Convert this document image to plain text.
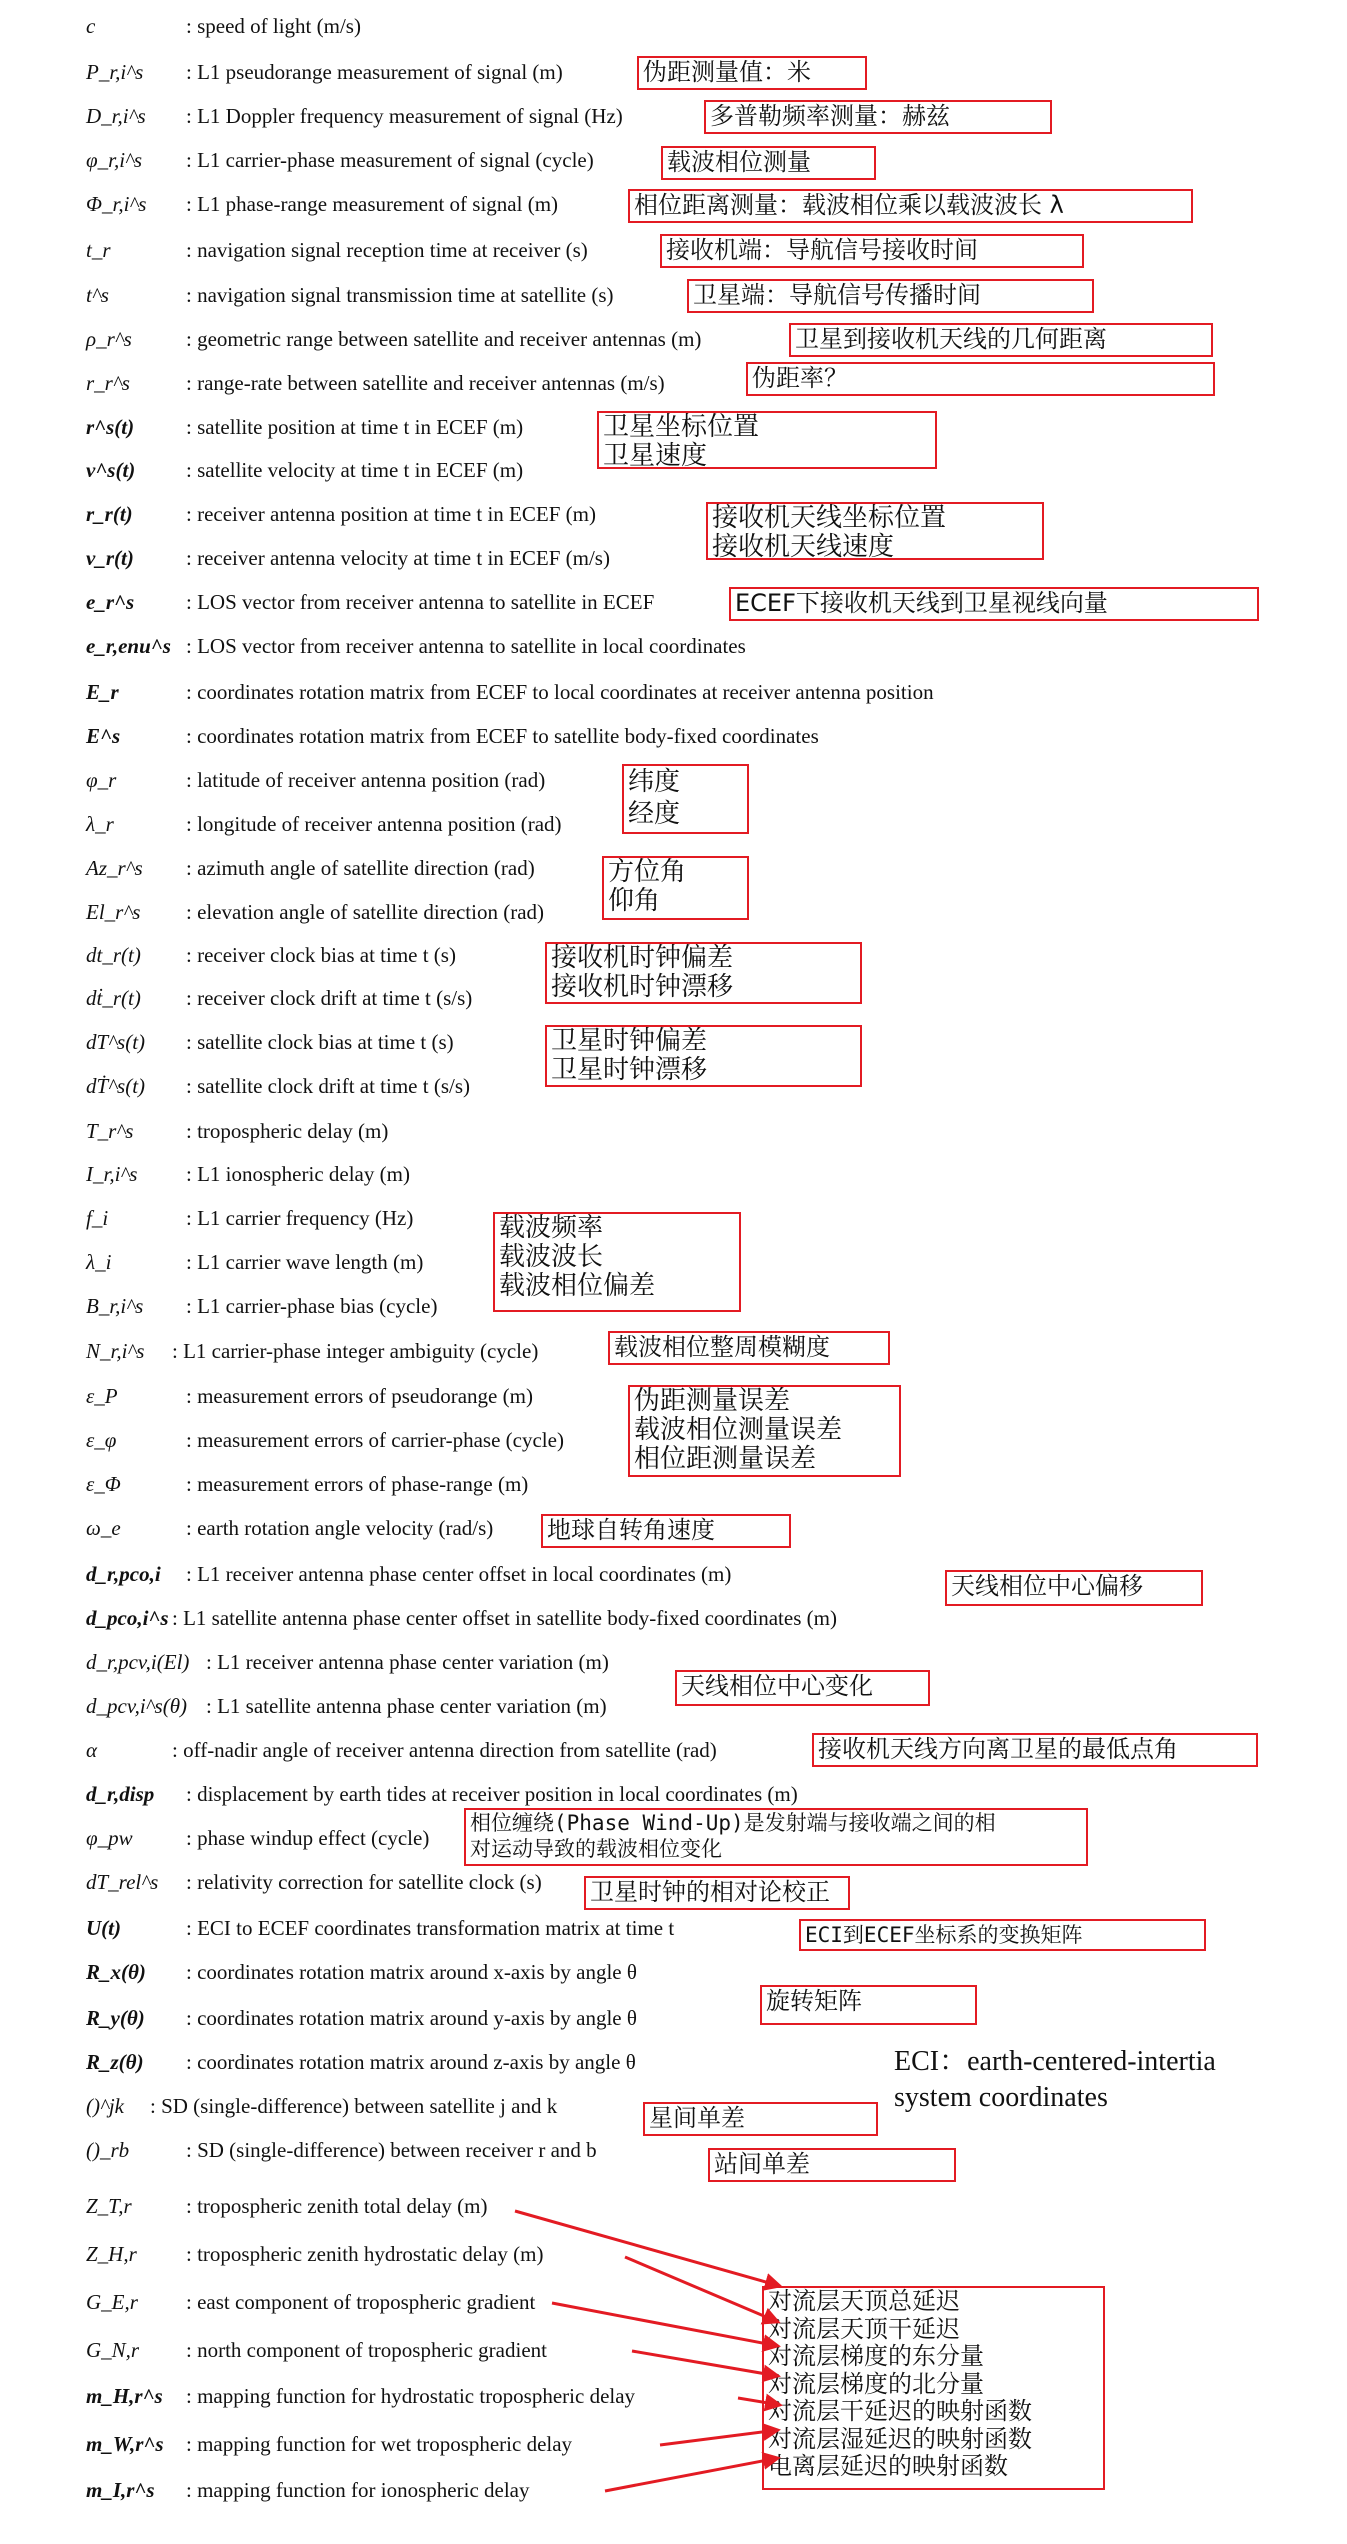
c	: speed of light (m/s)
P_r,i^s : L1 pseudorange measurement of signal (m)
D_r,i^s : L1 Doppler frequency measurement of signal (Hz)
φ_r,i^s : L1 carrier-phase measurement of signal (cycle)
Φ_r,i^s : L1 phase-range measurement of signal (m)
t_r	: navigation signal reception time at receiver (s)
t^s	: navigation signal transmission time at satellite (s)
ρ_r^s	: geometric range between satellite and receiver antennas (m)
r_r^s	: range-rate between satellite and receiver antennas (m/s)
r^s(t) : satellite position at time t in ECEF (m)
v^s(t) : satellite velocity at time t in ECEF (m)
r_r(t)	: receiver antenna position at time t in ECEF (m)
v_r(t) : receiver antenna velocity at time t in ECEF (m/s)
e_r^s : LOS vector from receiver antenna to satellite in ECEF
e_r,enu^s : LOS vector from receiver antenna to satellite in local coordinates
E_r	: coordinates rotation matrix from ECEF to local coordinates at receiver antenna position
E^s	: coordinates rotation matrix from ECEF to satellite body-fixed coordinates
φ_r	: latitude of receiver antenna position (rad)
λ_r	: longitude of receiver antenna position (rad)
Az_r^s : azimuth angle of satellite direction (rad)
El_r^s : elevation angle of satellite direction (rad)
dt_r(t) : receiver clock bias at time t (s)
dṫ_r(t) : receiver clock drift at time t (s/s)
dT^s(t) : satellite clock bias at time t (s)
dṪ^s(t) : satellite clock drift at time t (s/s)
T_r^s	: tropospheric delay (m)
I_r,i^s : L1 ionospheric delay (m)
f_i	: L1 carrier frequency (Hz)
λ_i	: L1 carrier wave length (m)
B_r,i^s : L1 carrier-phase bias (cycle)
N_r,i^s : L1 carrier-phase integer ambiguity (cycle)
ε_P	: measurement errors of pseudorange (m)
ε_φ	: measurement errors of carrier-phase (cycle)
ε_Φ	: measurement errors of phase-range (m)
ω_e	: earth rotation angle velocity (rad/s)
d_r,pco,i : L1 receiver antenna phase center offset in local coordinates (m)
d_pco,i^s : L1 satellite antenna phase center offset in satellite body-fixed coordinates (m)
d_r,pcv,i(El) : L1 receiver antenna phase center variation (m)
d_pcv,i^s(θ) : L1 satellite antenna phase center variation (m)
α	: off-nadir angle of receiver antenna direction from satellite (rad)
d_r,disp : displacement by earth tides at receiver position in local coordinates (m)
φ_pw	: phase windup effect (cycle)
dT_rel^s : relativity correction for satellite clock (s)
U(t)	: ECI to ECEF coordinates transformation matrix at time t
R_x(θ) : coordinates rotation matrix around x-axis by angle θ
R_y(θ) : coordinates rotation matrix around y-axis by angle θ
R_z(θ) : coordinates rotation matrix around z-axis by angle θ
()^jk : SD (single-difference) between satellite j and k
()_rb	: SD (single-difference) between receiver r and b
Z_T,r	: tropospheric zenith total delay (m)
Z_H,r : tropospheric zenith hydrostatic delay (m)
G_E,r : east component of tropospheric gradient
G_N,r : north component of tropospheric gradient
m_H,r^s : mapping function for hydrostatic tropospheric delay
m_W,r^s : mapping function for wet tropospheric delay
m_I,r^s : mapping function for ionospheric delay
伪距测量值：米
多普勒频率测量：赫兹
载波相位测量
相位距离测量：载波相位乘以载波波长 λ
接收机端：导航信号接收时间
卫星端：导航信号传播时间
卫星到接收机天线的几何距离
伪距率？
卫星坐标位置
卫星速度
接收机天线坐标位置
接收机天线速度
ECEF下接收机天线到卫星视线向量
纬度
经度
方位角
仰角
接收机时钟偏差
接收机时钟漂移
卫星时钟偏差
卫星时钟漂移
载波频率
载波波长
载波相位偏差
载波相位整周模糊度
伪距测量误差
载波相位测量误差
相位距测量误差
地球自转角速度
天线相位中心偏移
天线相位中心变化
接收机天线方向离卫星的最低点角
相位缠绕(Phase Wind-Up)是发射端与接收端之间的相
对运动导致的载波相位变化
卫星时钟的相对论校正
ECI到ECEF坐标系的变换矩阵
旋转矩阵
星间单差
站间单差
对流层天顶总延迟
对流层天顶干延迟
对流层梯度的东分量
对流层梯度的北分量
对流层干延迟的映射函数
对流层湿延迟的映射函数
电离层延迟的映射函数
ECI：earth-centered-intertia
system coordinates
